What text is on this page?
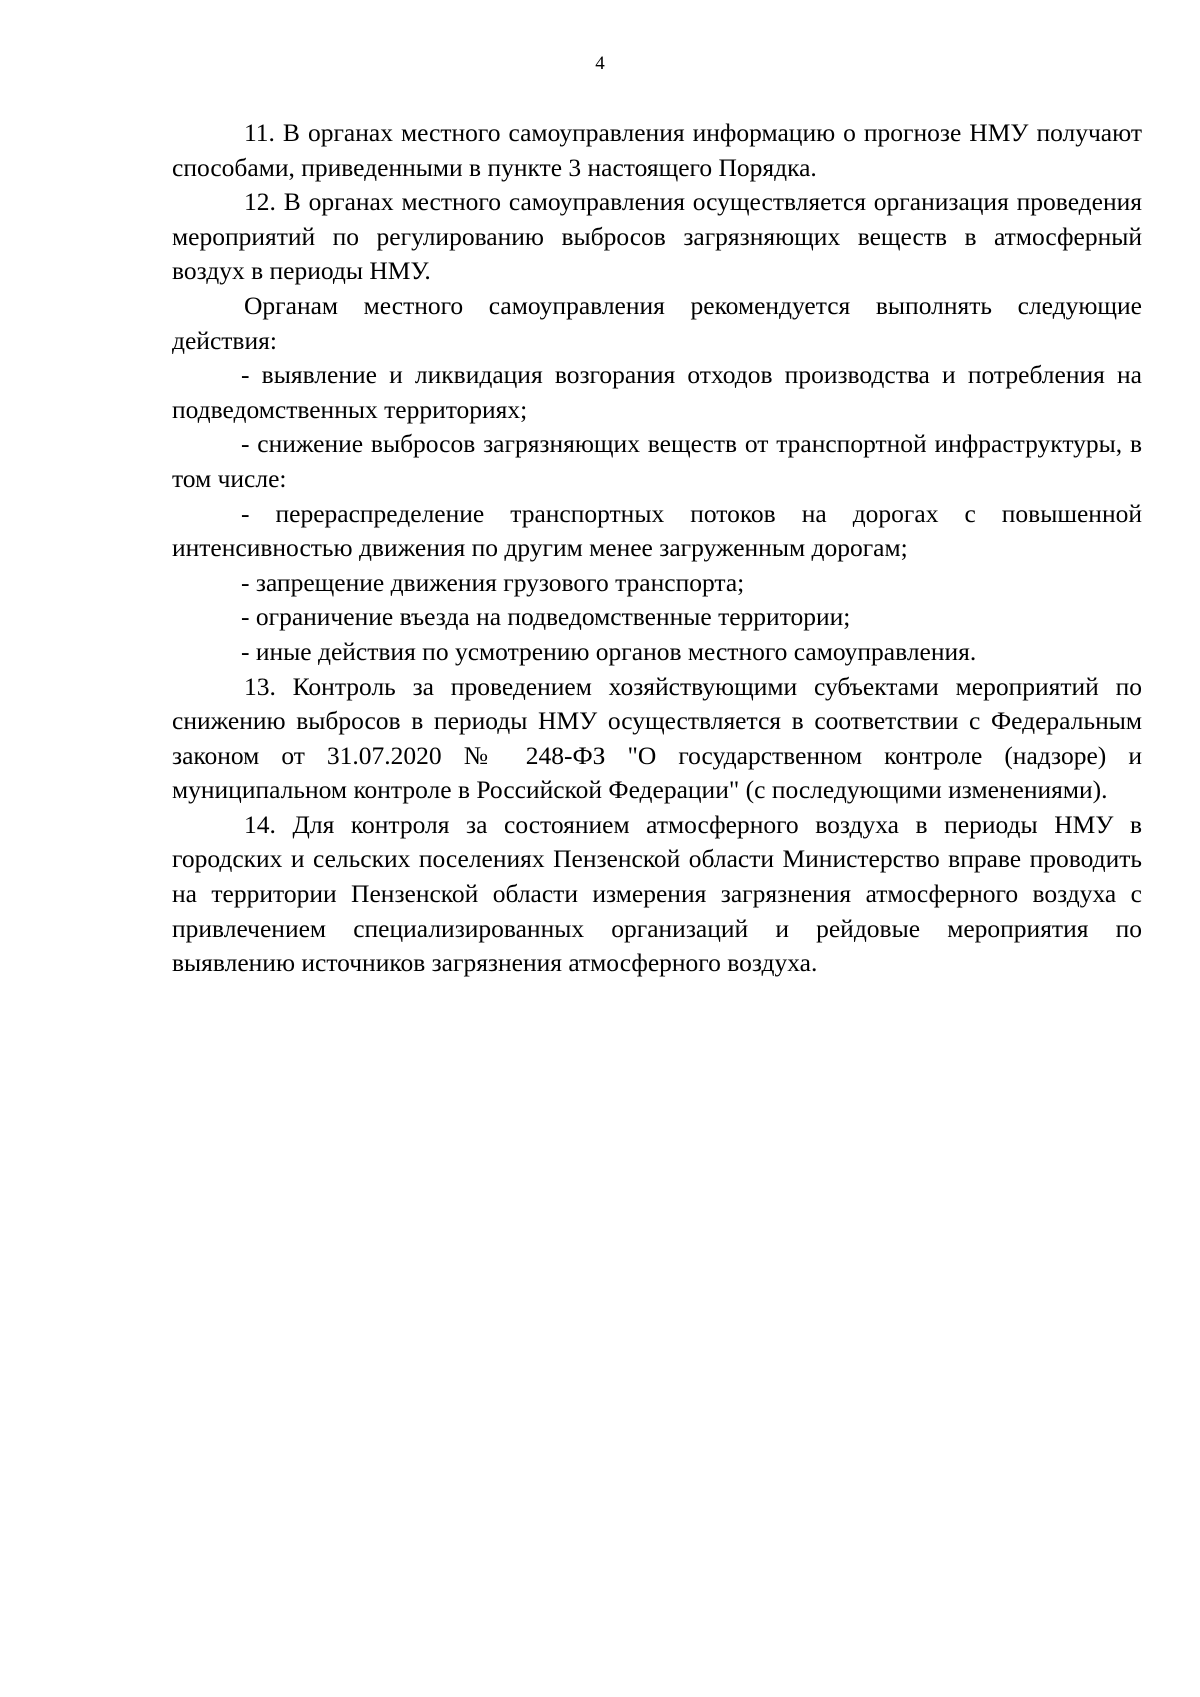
4

11. В органах местного самоуправления информацию о прогнозе НМУ получают способами, приведенными в пункте 3 настоящего Порядка.

12. В органах местного самоуправления осуществляется организация проведения мероприятий по регулированию выбросов загрязняющих веществ в атмосферный воздух в периоды НМУ.

Органам местного самоуправления рекомендуется выполнять следующие действия:

- выявление и ликвидация возгорания отходов производства и потребления на подведомственных территориях;

- снижение выбросов загрязняющих веществ от транспортной инфраструктуры, в том числе:

- перераспределение транспортных потоков на дорогах с повышенной интенсивностью движения по другим менее загруженным дорогам;

- запрещение движения грузового транспорта;

- ограничение въезда на подведомственные территории;

- иные действия по усмотрению органов местного самоуправления.

13. Контроль за проведением хозяйствующими субъектами мероприятий по снижению выбросов в периоды НМУ осуществляется в соответствии с Федеральным законом от 31.07.2020 № 248-ФЗ "О государственном контроле (надзоре) и муниципальном контроле в Российской Федерации" (с последующими изменениями).

14. Для контроля за состоянием атмосферного воздуха в периоды НМУ в городских и сельских поселениях Пензенской области Министерство вправе проводить на территории Пензенской области измерения загрязнения атмосферного воздуха с привлечением специализированных организаций и рейдовые мероприятия по выявлению источников загрязнения атмосферного воздуха.
